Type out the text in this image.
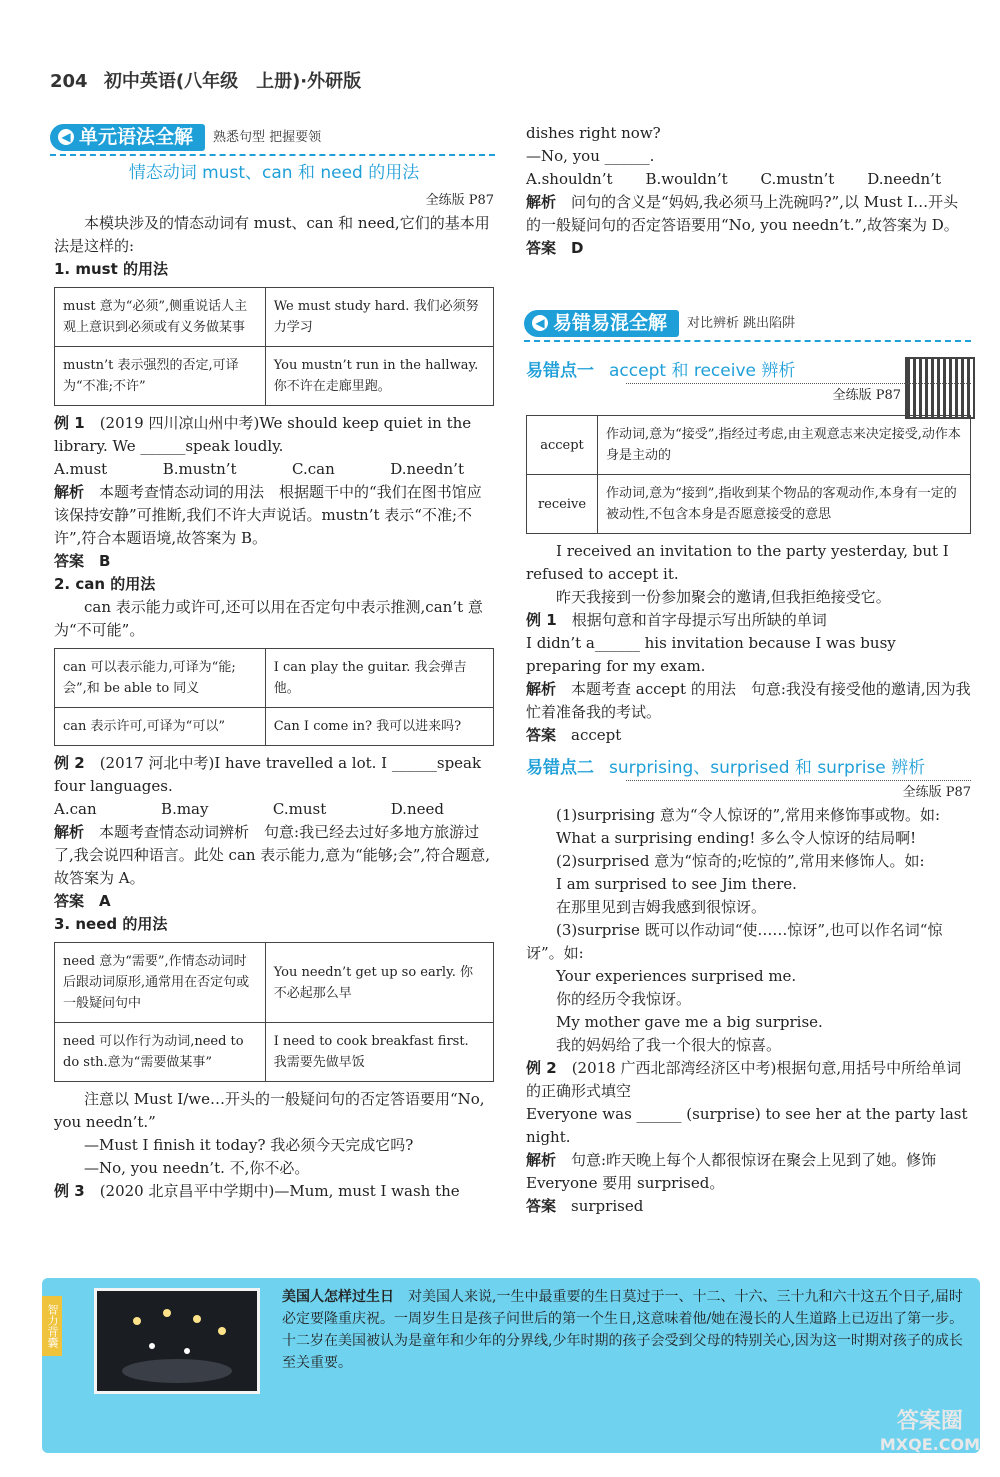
204 初中英语(八年级　上册)·外研版
◀ 单元语法全解 熟悉句型 把握要领

情态动词 must、can 和 need 的用法

全练版 P87

本模块涉及的情态动词有 must、can 和 need,它们的基本用法是这样的:

1. must 的用法

must 意为“必须”,侧重说话人主观上意识到必须或有义务做某事	We must study hard. 我们必须努力学习
mustn’t 表示强烈的否定,可译为“不准;不许”	You mustn’t run in the hallway. 你不许在走廊里跑。

例 1　 (2019 四川凉山州中考)We should keep quiet in the library. We ______speak loudly.

A.must	B.mustn’t	C.can	D.needn’t

解析　 本题考查情态动词的用法　根据题干中的“我们在图书馆应该保持安静”可推断,我们不许大声说话。mustn’t 表示“不准;不许”,符合本题语境,故答案为 B。

答案　 B

2. can 的用法

can 表示能力或许可,还可以用在否定句中表示推测,can’t 意为“不可能”。

can 可以表示能力,可译为“能;会”,和 be able to 同义	I can play the guitar. 我会弹吉他。
can 表示许可,可译为“可以”	Can I come in? 我可以进来吗?

例 2　 (2017 河北中考)I have travelled a lot. I ______speak four languages.

A.can	B.may	C.must	D.need

解析　 本题考查情态动词辨析　句意:我已经去过好多地方旅游过了,我会说四种语言。此处 can 表示能力,意为“能够;会”,符合题意,故答案为 A。

答案　 A

3. need 的用法

need 意为“需要”,作情态动词时后跟动词原形,通常用在否定句或一般疑问句中	You needn’t get up so early. 你不必起那么早
need 可以作行为动词,need to do sth.意为“需要做某事”	I need to cook breakfast first. 我需要先做早饭

注意以 Must I/we…开头的一般疑问句的否定答语要用“No, you needn’t.”

—Must I finish it today? 我必须今天完成它吗?

—No, you needn’t. 不,你不必。

例 3　 (2020 北京昌平中学期中)—Mum, must I wash the

dishes right now?

—No, you ______.

A.shouldn’t B.wouldn’t C.mustn’t D.needn’t

解析　 问句的含义是“妈妈,我必须马上洗碗吗?”,以 Must I…开头的一般疑问句的否定答语要用“No, you needn’t.”,故答案为 D。

答案　 D

◀ 易错易混全解 对比辨析 跳出陷阱

易错点一　 accept 和 receive 辨析

全练版 P87

accept	作动词,意为“接受”,指经过考虑,由主观意志来决定接受,动作本身是主动的
receive	作动词,意为“接到”,指收到某个物品的客观动作,本身有一定的被动性,不包含本身是否愿意接受的意思

I received an invitation to the party yesterday, but I refused to accept it.

昨天我接到一份参加聚会的邀请,但我拒绝接受它。

例 1　 根据句意和首字母提示写出所缺的单词

I didn’t a______ his invitation because I was busy preparing for my exam.

解析　 本题考查 accept 的用法　句意:我没有接受他的邀请,因为我忙着准备我的考试。

答案　 accept

易错点二　 surprising、surprised 和 surprise 辨析

全练版 P87

(1)surprising 意为“令人惊讶的”,常用来修饰事或物。如:

What a surprising ending! 多么令人惊讶的结局啊!

(2)surprised 意为“惊奇的;吃惊的”,常用来修饰人。如:

I am surprised to see Jim there.

在那里见到吉姆我感到很惊讶。

(3)surprise 既可以作动词“使……惊讶”,也可以作名词“惊讶”。如:

Your experiences surprised me.

你的经历令我惊讶。

My mother gave me a big surprise.

我的妈妈给了我一个很大的惊喜。

例 2　 (2018 广西北部湾经济区中考)根据句意,用括号中所给单词的正确形式填空

Everyone was ______ (surprise) to see her at the party last night.

解析　 句意:昨天晚上每个人都很惊讶在聚会上见到了她。修饰 Everyone 要用 surprised。

答案　 surprised

智力背囊
美国人怎样过生日　 对美国人来说,一生中最重要的生日莫过于一、十二、十六、三十九和六十这五个日子,届时必定要隆重庆祝。一周岁生日是孩子问世后的第一个生日,这意味着他/她在漫长的人生道路上已迈出了第一步。十二岁在美国被认为是童年和少年的分界线,少年时期的孩子会受到父母的特别关心,因为这一时期对孩子的成长至关重要。
答案圈
MXQE.COM
